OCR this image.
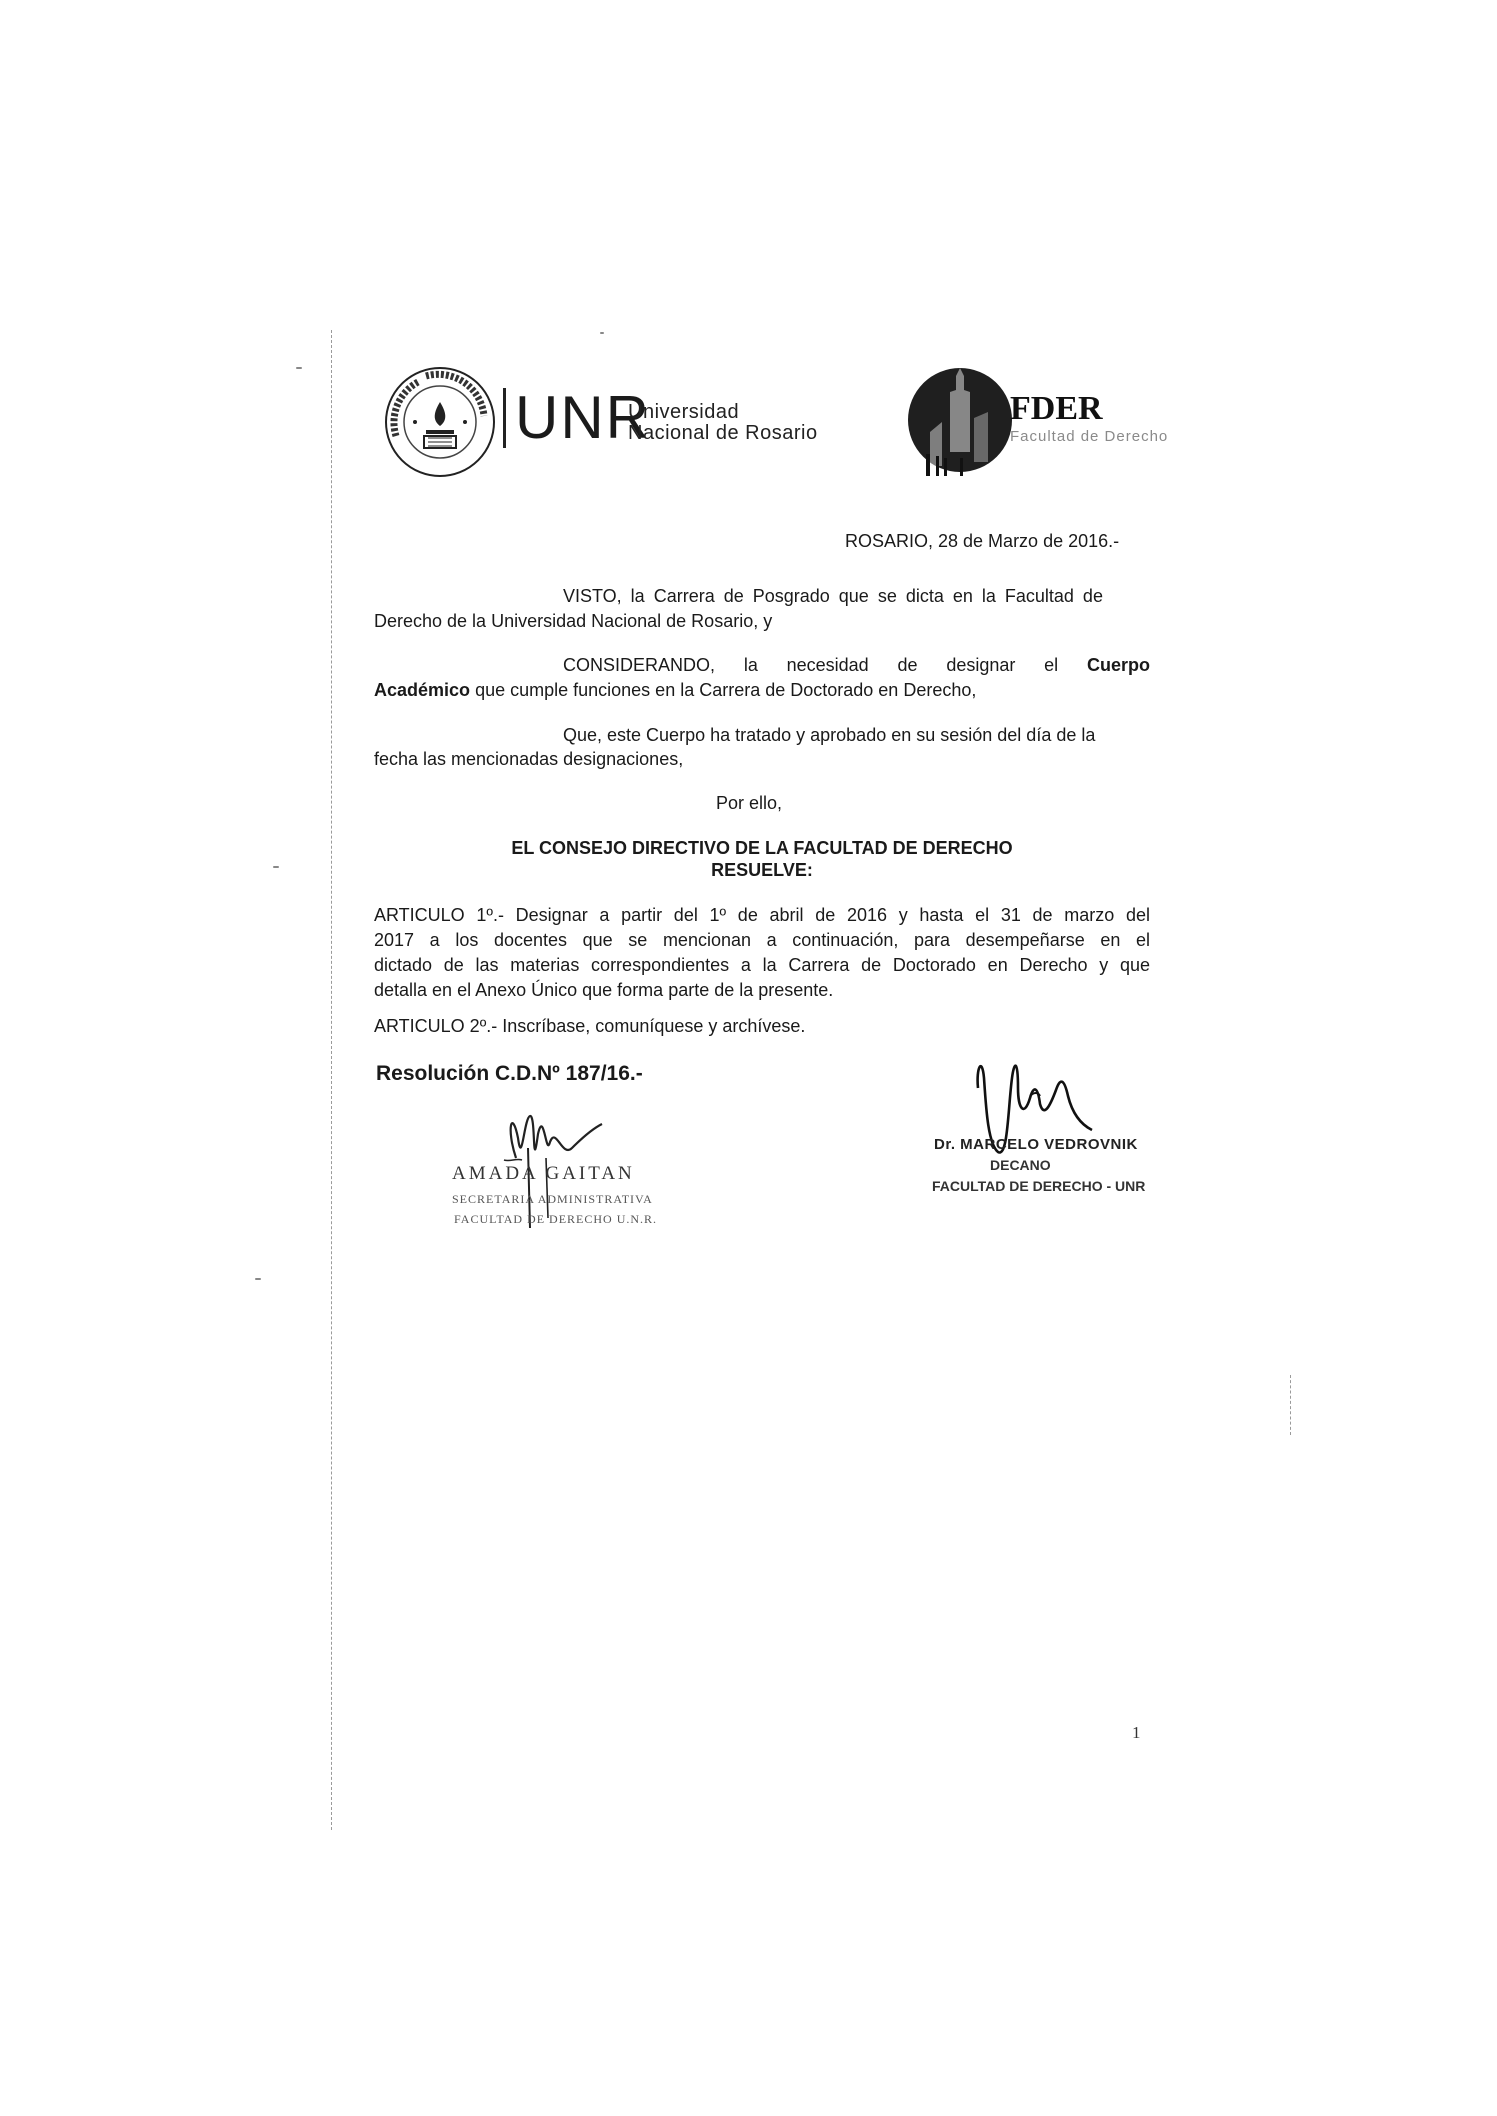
UNR
Universidad
Nacional de Rosario
FDER
Facultad de Derecho
ROSARIO, 28 de Marzo de 2016.-
VISTO, la Carrera de Posgrado que se dicta en la Facultad de
Derecho de la Universidad Nacional de Rosario, y
CONSIDERANDO, la necesidad de designar el Cuerpo
Académico que cumple funciones en la Carrera de Doctorado en Derecho,
Que, este Cuerpo ha tratado y aprobado en su sesión del día de la
fecha las mencionadas designaciones,
Por ello,
EL CONSEJO DIRECTIVO DE LA FACULTAD DE DERECHO
RESUELVE:
ARTICULO 1º.- Designar a partir del 1º de abril de 2016 y hasta el 31 de marzo del
2017 a los docentes que se mencionan a continuación, para desempeñarse en el
dictado de las materias correspondientes a la Carrera de Doctorado en Derecho y que
detalla en el Anexo Único que forma parte de la presente.
ARTICULO 2º.- Inscríbase, comuníquese y archívese.
Resolución C.D.Nº 187/16.-
AMADA GAITAN
SECRETARIA ADMINISTRATIVA
FACULTAD DE DERECHO U.N.R.
Dr. MARCELO VEDROVNIK
DECANO
FACULTAD DE DERECHO - UNR
1
